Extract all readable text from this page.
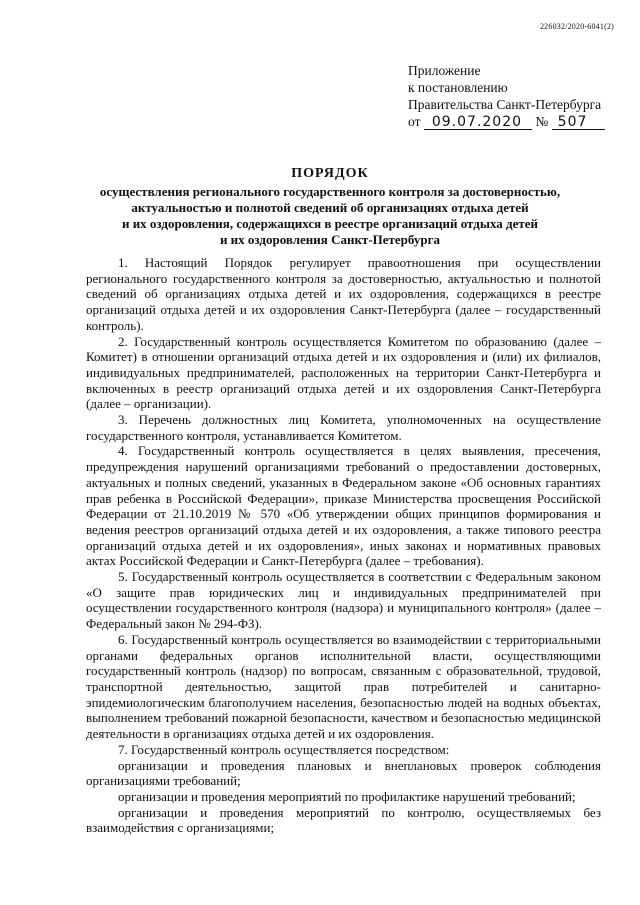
226032/2020-6041(2)
Приложение
к постановлению
Правительства Санкт-Петербурга
от 09.07.2020 № 507
ПОРЯДОК
осуществления регионального государственного контроля за достоверностью,
актуальностью и полнотой сведений об организациях отдыха детей
и их оздоровления, содержащихся в реестре организаций отдыха детей
и их оздоровления Санкт-Петербурга

1. Настоящий Порядок регулирует правоотношения при осуществлении регионального государственного контроля за достоверностью, актуальностью и полнотой сведений об организациях отдыха детей и их оздоровления, содержащихся в реестре организаций отдыха детей и их оздоровления Санкт-Петербурга (далее – государственный контроль).

2. Государственный контроль осуществляется Комитетом по образованию (далее – Комитет) в отношении организаций отдыха детей и их оздоровления и (или) их филиалов, индивидуальных предпринимателей, расположенных на территории Санкт-Петербурга и включенных в реестр организаций отдыха детей и их оздоровления Санкт-Петербурга (далее – организации).

3. Перечень должностных лиц Комитета, уполномоченных на осуществление государственного контроля, устанавливается Комитетом.

4. Государственный контроль осуществляется в целях выявления, пресечения, предупреждения нарушений организациями требований о предоставлении достоверных, актуальных и полных сведений, указанных в Федеральном законе «Об основных гарантиях прав ребенка в Российской Федерации», приказе Министерства просвещения Российской Федерации от 21.10.2019 № 570 «Об утверждении общих принципов формирования и ведения реестров организаций отдыха детей и их оздоровления, а также типового реестра организаций отдыха детей и их оздоровления», иных законах и нормативных правовых актах Российской Федерации и Санкт-Петербурга (далее – требования).

5. Государственный контроль осуществляется в соответствии с Федеральным законом «О защите прав юридических лиц и индивидуальных предпринимателей при осуществлении государственного контроля (надзора) и муниципального контроля» (далее – Федеральный закон № 294-ФЗ).

6. Государственный контроль осуществляется во взаимодействии с территориальными органами федеральных органов исполнительной власти, осуществляющими государственный контроль (надзор) по вопросам, связанным с образовательной, трудовой, транспортной деятельностью, защитой прав потребителей и санитарно-эпидемиологическим благополучием населения, безопасностью людей на водных объектах, выполнением требований пожарной безопасности, качеством и безопасностью медицинской деятельности в организациях отдыха детей и их оздоровления.

7. Государственный контроль осуществляется посредством:

организации и проведения плановых и внеплановых проверок соблюдения организациями требований;

организации и проведения мероприятий по профилактике нарушений требований;

организации и проведения мероприятий по контролю, осуществляемых без взаимодействия с организациями;
